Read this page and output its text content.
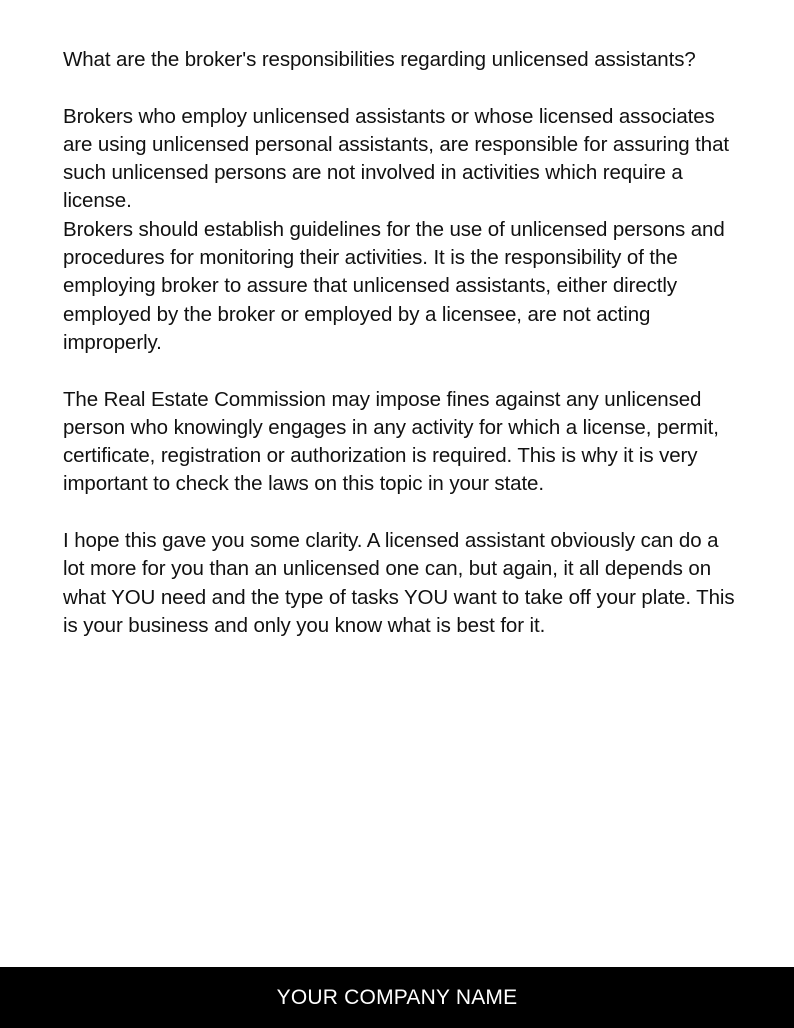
What are the broker's responsibilities regarding unlicensed assistants?

Brokers who employ unlicensed assistants or whose licensed associates are using unlicensed personal assistants, are responsible for assuring that such unlicensed persons are not involved in activities which require a license.

Brokers should establish guidelines for the use of unlicensed persons and procedures for monitoring their activities. It is the responsibility of the employing broker to assure that unlicensed assistants, either directly employed by the broker or employed by a licensee, are not acting improperly.

The Real Estate Commission may impose fines against any unlicensed person who knowingly engages in any activity for which a license, permit, certificate, registration or authorization is required. This is why it is very important to check the laws on this topic in your state.

I hope this gave you some clarity. A licensed assistant obviously can do a lot more for you than an unlicensed one can, but again, it all depends on what YOU need and the type of tasks YOU want to take off your plate. This is your business and only you know what is best for it.

YOUR COMPANY NAME
